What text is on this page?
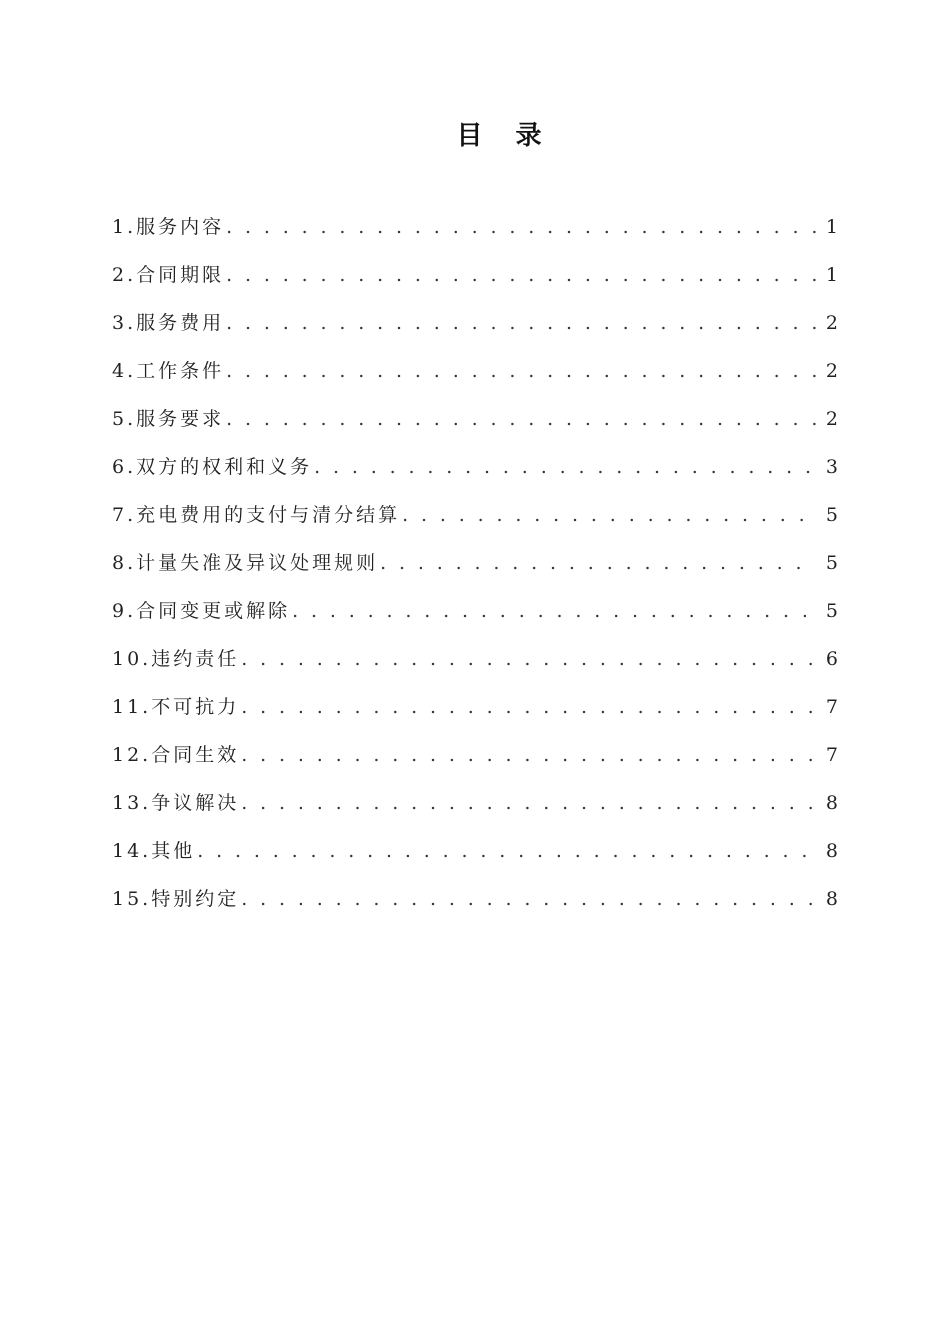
目 录
1.服务内容 . . .	1
2.合同期限 . . .	1
3.服务费用 . . .	2
4.工作条件 . . .	2
5.服务要求 . . .	2
6.双方的权利和义务 . . .	3
7.充电费用的支付与清分结算 . . .	5
8.计量失准及异议处理规则 . . .	5
9.合同变更或解除 . . .	5
10.违约责任 . . .	6
11.不可抗力 . . .	7
12.合同生效 . . .	7
13.争议解决 . . .	8
14.其他 . . .	8
15.特别约定 . . .	8
